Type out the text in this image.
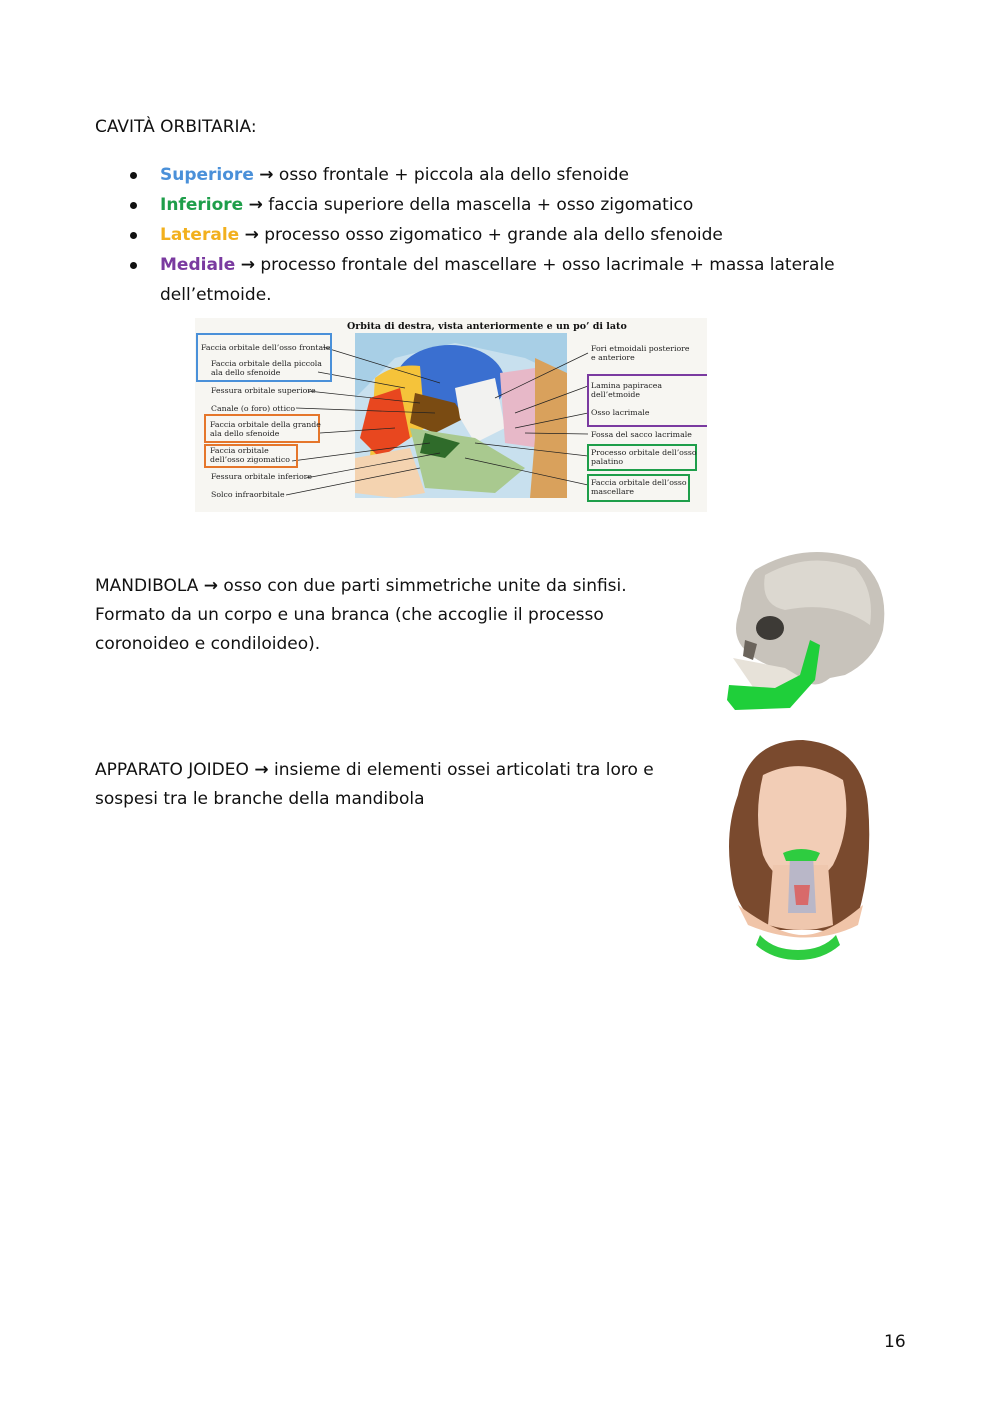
CAVITÀ ORBITARIA:
Superiore → osso frontale + piccola ala dello sfenoide
Inferiore → faccia superiore della mascella + osso zigomatico
Laterale → processo osso zigomatico + grande ala dello sfenoide
Mediale → processo frontale del mascellare + osso lacrimale + massa laterale dell’etmoide.
Orbita di destra, vista anteriormente e un po’ di lato
Faccia orbitale dell’osso frontale
Faccia orbitale della piccola
ala dello sfenoide
Fessura orbitale superiore
Canale (o foro) ottico
Faccia orbitale della grande
ala dello sfenoide
Faccia orbitale
dell’osso zigomatico
Fessura orbitale inferiore
Solco infraorbitale
Fori etmoidali posteriore
e anteriore
Lamina papiracea dell’etmoide
Osso lacrimale
Fossa del sacco lacrimale
Processo orbitale dell’osso
palatino
Faccia orbitale dell’osso
mascellare
MANDIBOLA → osso con due parti simmetriche unite da sinfisi.
Formato da un corpo e una branca (che accoglie il processo
coronoideo e condiloideo).
APPARATO JOIDEO → insieme di elementi ossei articolati tra loro e
sospesi tra le branche della mandibola
16
